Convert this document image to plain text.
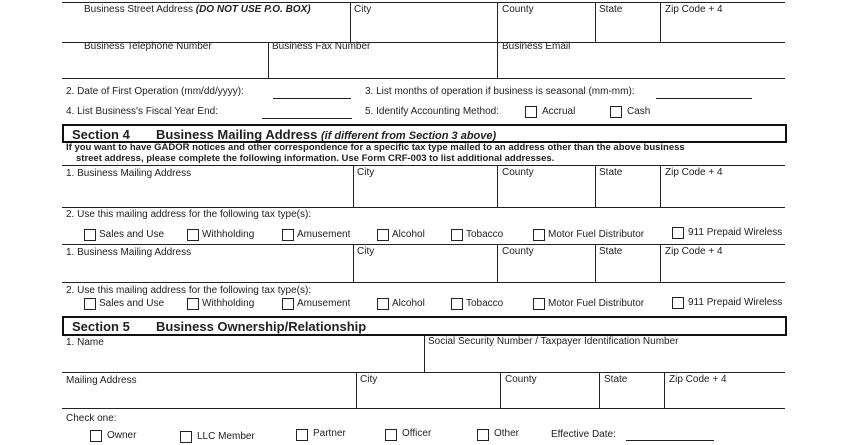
Business Street Address (DO NOT USE P.O. BOX)	City	County	State	Zip Code + 4
Business Telephone Number	Business Fax Number	Business Email
2. Date of First Operation (mm/dd/yyyy):	3. List months of operation if business is seasonal (mm-mm):
4. List Business's Fiscal Year End:	5. Identify Accounting Method:	Accrual	Cash
Section 4 Business Mailing Address (if different from Section 3 above)
If you want to have GADOR notices and other correspondence for a specific tax type mailed to an address other than the above business
street address, please complete the following information. Use Form CRF-003 to list additional addresses.
1. Business Mailing Address	City	County	State	Zip Code + 4
2. Use this mailing address for the following tax type(s):
Sales and Use	Withholding	Amusement	Alcohol	Tobacco	Motor Fuel Distributor	911 Prepaid Wireless
1. Business Mailing Address	City	County	State	Zip Code + 4
2. Use this mailing address for the following tax type(s):
Sales and Use	Withholding	Amusement	Alcohol	Tobacco	Motor Fuel Distributor	911 Prepaid Wireless
Section 5 Business Ownership/Relationship
1. Name	Social Security Number / Taxpayer Identification Number
Mailing Address	City	County	State	Zip Code + 4
Check one:
Owner	LLC Member	Partner	Officer	Other	Effective Date:
